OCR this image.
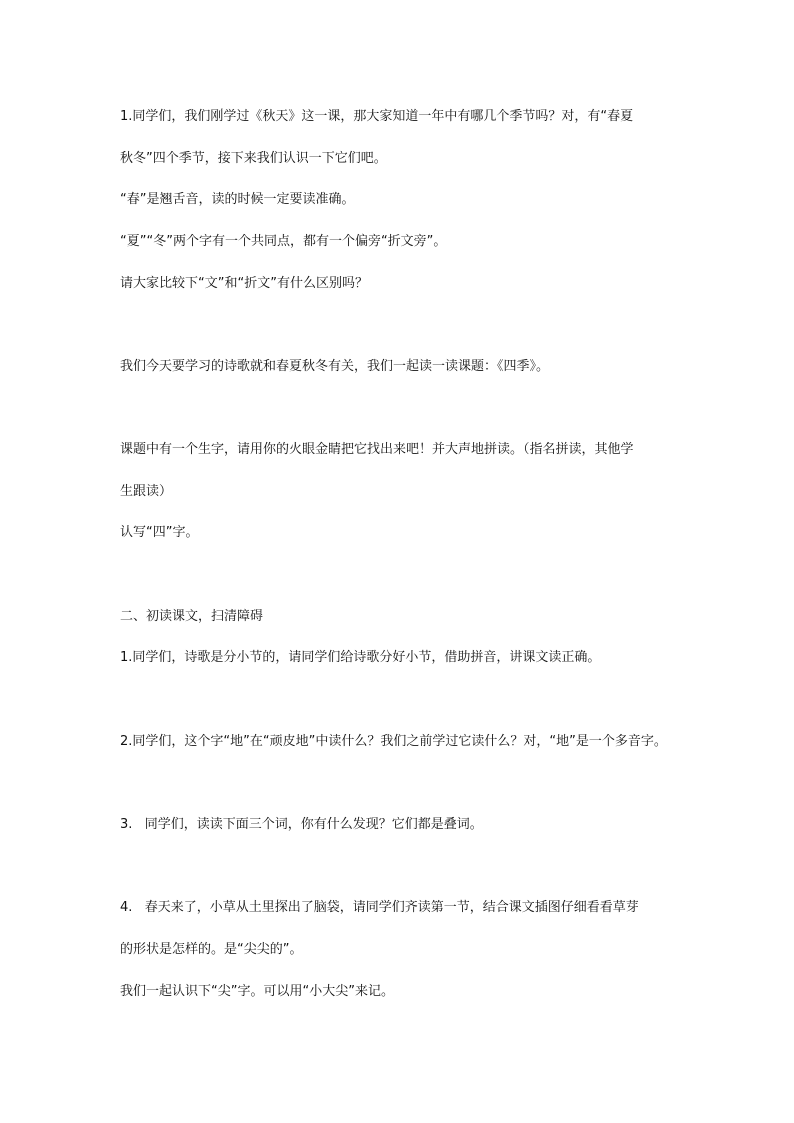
1.同学们，我们刚学过《秋天》这一课，那大家知道一年中有哪几个季节吗？对，有“春夏
秋冬”四个季节，接下来我们认识一下它们吧。
“春”是翘舌音，读的时候一定要读准确。
“夏”“冬”两个字有一个共同点，都有一个偏旁“折文旁”。
请大家比较下“文”和“折文”有什么区别吗？
我们今天要学习的诗歌就和春夏秋冬有关，我们一起读一读课题：《四季》。
课题中有一个生字，请用你的火眼金睛把它找出来吧！并大声地拼读。（指名拼读，其他学
生跟读）
认写“四”字。
二、初读课文，扫清障碍
1.同学们，诗歌是分小节的，请同学们给诗歌分好小节，借助拼音，讲课文读正确。
2.同学们，这个字“地”在“顽皮地”中读什么？我们之前学过它读什么？对，“地”是一个多音字。
3.   同学们，读读下面三个词，你有什么发现？它们都是叠词。
4.   春天来了，小草从土里探出了脑袋，请同学们齐读第一节，结合课文插图仔细看看草芽
的形状是怎样的。是“尖尖的”。
我们一起认识下“尖”字。可以用“小大尖”来记。
